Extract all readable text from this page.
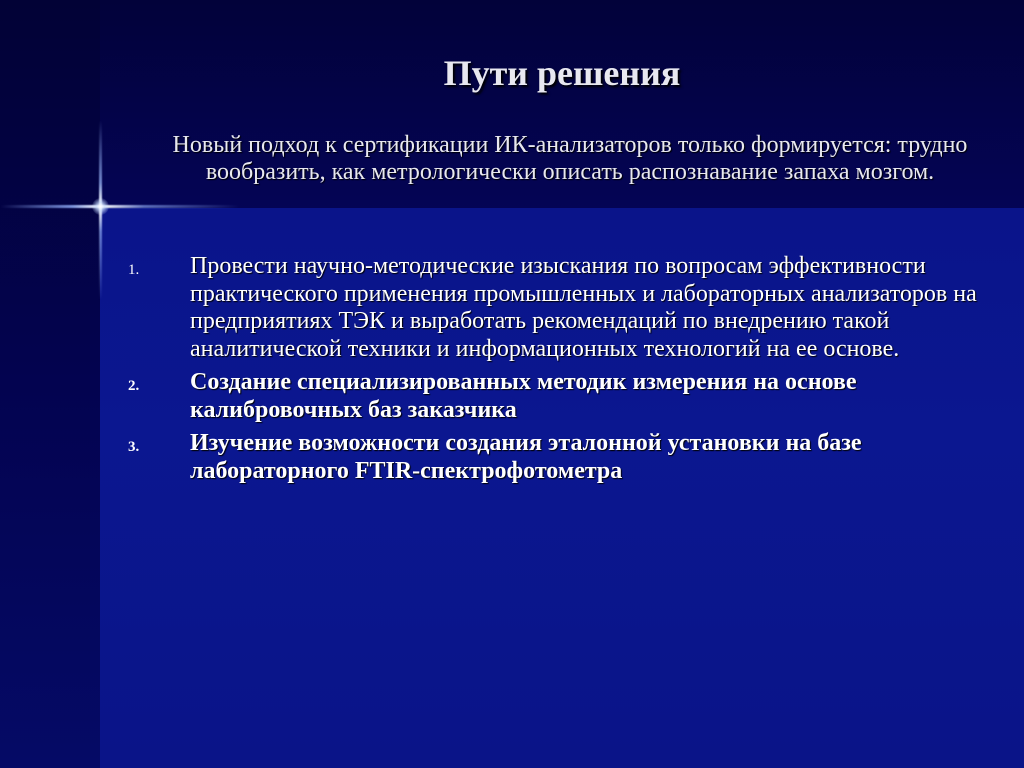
Пути решения
Новый подход к сертификации ИК-анализаторов только формируется: трудно вообразить, как метрологически описать распознавание запаха мозгом.
1.	Провести научно-методические изыскания по вопросам эффективности практического применения промышленных и лабораторных анализаторов на предприятиях ТЭК и выработать рекомендаций по внедрению такой аналитической техники и информационных технологий на ее основе.
2.	Создание специализированных методик измерения на основе калибровочных баз заказчика
3.	Изучение возможности создания эталонной установки на базе лабораторного FTIR-спектрофотометра
